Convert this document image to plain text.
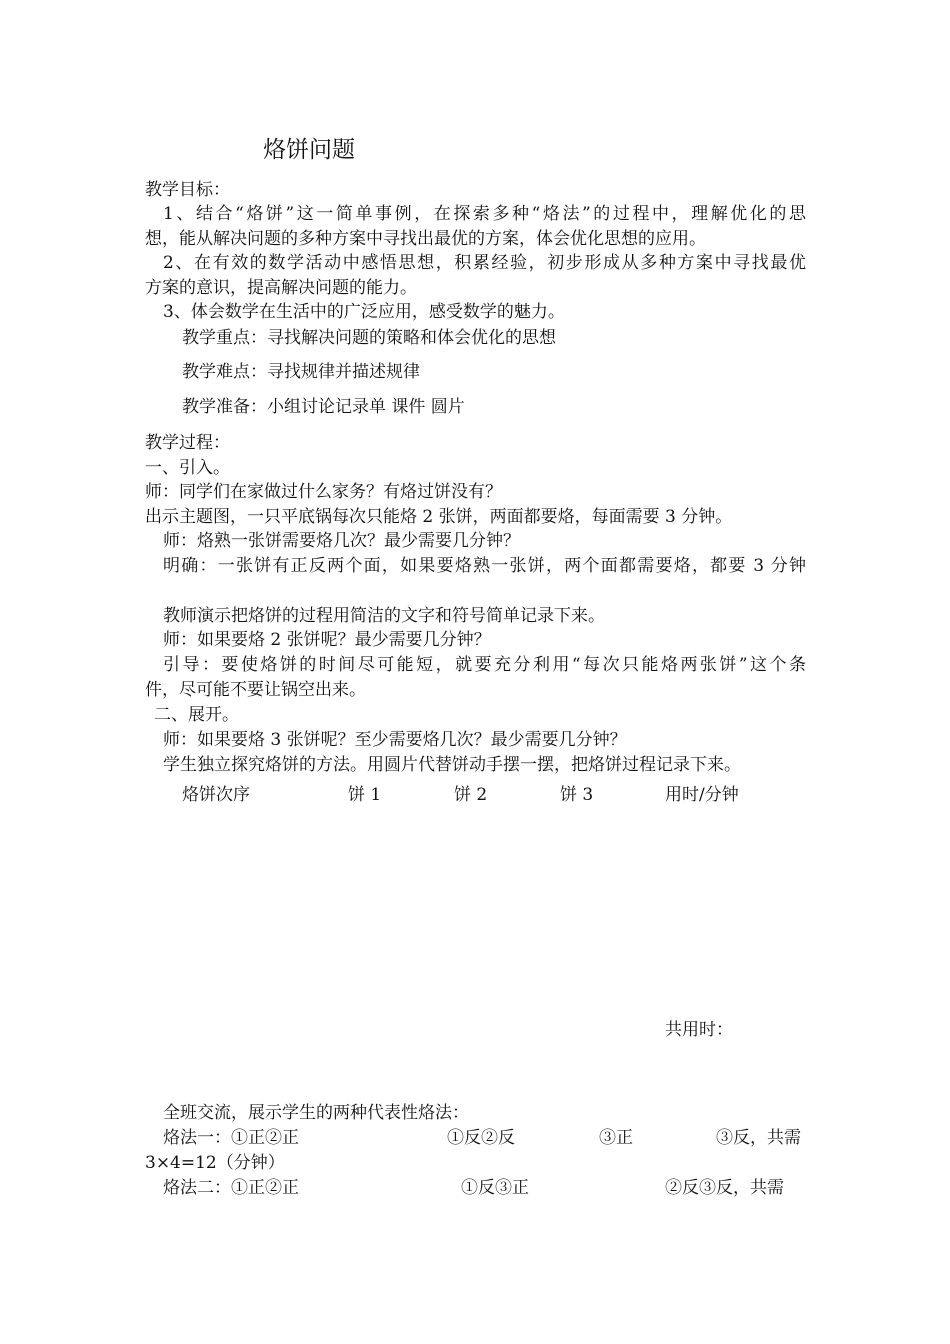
烙饼问题
教学目标：
1、结合“烙饼”这一简单事例，在探索多种“烙法”的过程中，理解优化的思
想，能从解决问题的多种方案中寻找出最优的方案，体会优化思想的应用。
2、在有效的数学活动中感悟思想，积累经验，初步形成从多种方案中寻找最优
方案的意识，提高解决问题的能力。
3、体会数学在生活中的广泛应用，感受数学的魅力。
教学重点：寻找解决问题的策略和体会优化的思想
教学难点：寻找规律并描述规律
教学准备：小组讨论记录单 课件 圆片
教学过程：
一、引入。
师：同学们在家做过什么家务？有烙过饼没有？
出示主题图，一只平底锅每次只能烙 2 张饼，两面都要烙，每面需要 3 分钟。
师：烙熟一张饼需要烙几次？最少需要几分钟？
明确：一张饼有正反两个面，如果要烙熟一张饼，两个面都需要烙，都要 3 分钟
教师演示把烙饼的过程用简洁的文字和符号简单记录下来。
师：如果要烙 2 张饼呢？最少需要几分钟？
引导：要使烙饼的时间尽可能短，就要充分利用“每次只能烙两张饼”这个条
件，尽可能不要让锅空出来。
二、展开。
师：如果要烙 3 张饼呢？至少需要烙几次？最少需要几分钟？
学生独立探究烙饼的方法。用圆片代替饼动手摆一摆，把烙饼过程记录下来。
烙饼次序	饼 1	饼 2	饼 3	用时/分钟
共用时：
全班交流，展示学生的两种代表性烙法：
烙法一：①正②正	①反②反	③正	③反，共需
3×4=12（分钟）
烙法二：①正②正	①反③正	②反③反，共需
